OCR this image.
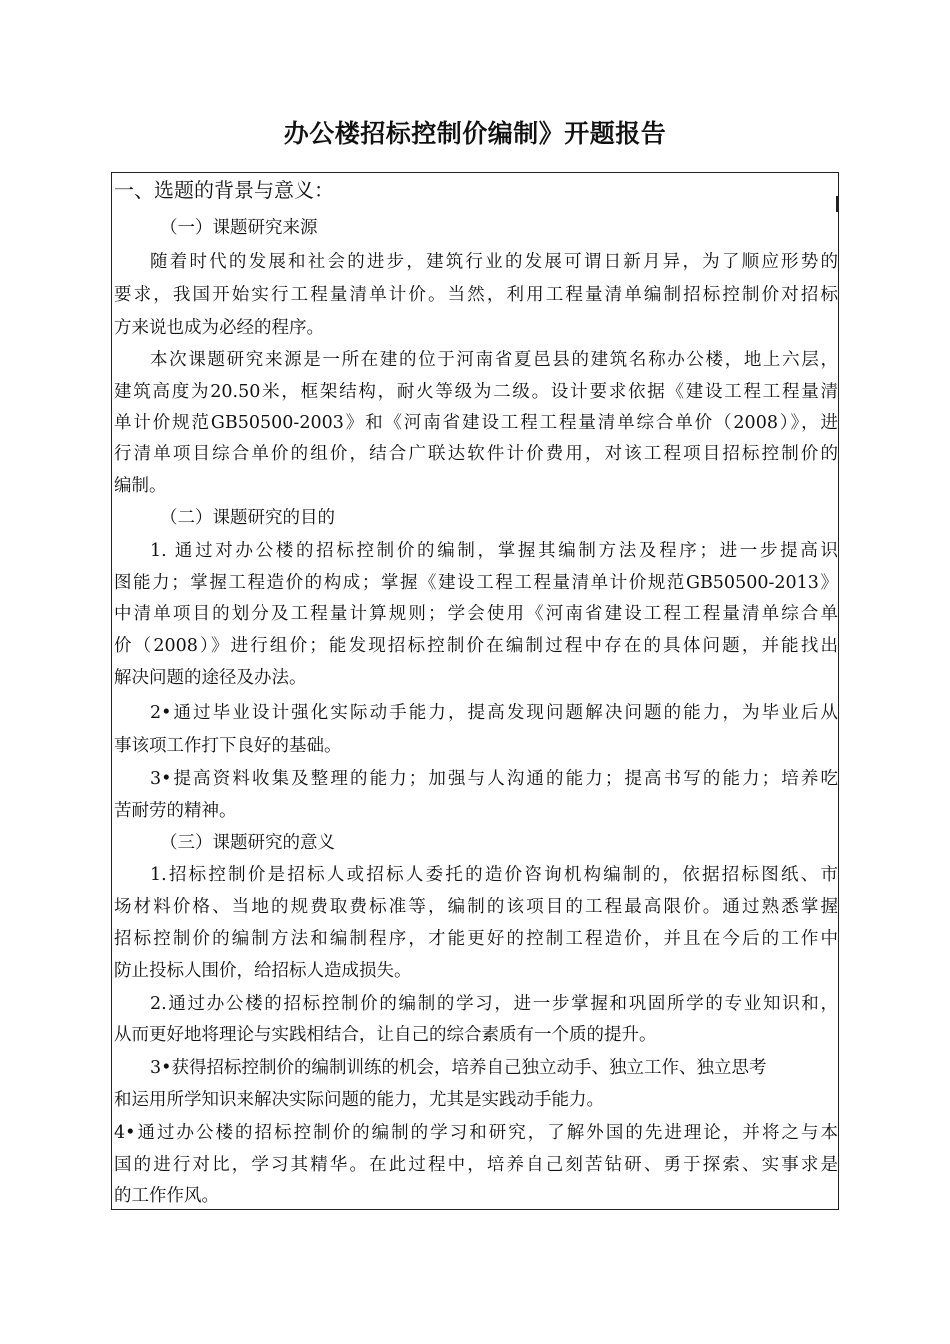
办公楼招标控制价编制》开题报告
一、选题的背景与意义：
（一）课题研究来源
随着时代的发展和社会的进步，建筑行业的发展可谓日新月异，为了顺应形势的
要求，我国开始实行工程量清单计价。当然，利用工程量清单编制招标控制价对招标
方来说也成为必经的程序。
本次课题研究来源是一所在建的位于河南省夏邑县的建筑名称办公楼，地上六层，
建筑高度为20.50米，框架结构，耐火等级为二级。设计要求依据《建设工程工程量清
单计价规范GB50500-2003》和《河南省建设工程工程量清单综合单价（2008）》，进
行清单项目综合单价的组价，结合广联达软件计价费用，对该工程项目招标控制价的
编制。
（二）课题研究的目的
1. 通过对办公楼的招标控制价的编制，掌握其编制方法及程序；进一步提高识
图能力；掌握工程造价的构成；掌握《建设工程工程量清单计价规范GB50500-2013》
中清单项目的划分及工程量计算规则；学会使用《河南省建设工程工程量清单综合单
价（2008）》进行组价；能发现招标控制价在编制过程中存在的具体问题，并能找出
解决问题的途径及办法。
2•通过毕业设计强化实际动手能力，提高发现问题解决问题的能力，为毕业后从
事该项工作打下良好的基础。
3•提高资料收集及整理的能力；加强与人沟通的能力；提高书写的能力；培养吃
苦耐劳的精神。
（三）课题研究的意义
1.招标控制价是招标人或招标人委托的造价咨询机构编制的，依据招标图纸、市
场材料价格、当地的规费取费标准等，编制的该项目的工程最高限价。通过熟悉掌握
招标控制价的编制方法和编制程序，才能更好的控制工程造价，并且在今后的工作中
防止投标人围价，给招标人造成损失。
2.通过办公楼的招标控制价的编制的学习，进一步掌握和巩固所学的专业知识和，
从而更好地将理论与实践相结合，让自己的综合素质有一个质的提升。
3•获得招标控制价的编制训练的机会，培养自己独立动手、独立工作、独立思考
和运用所学知识来解决实际问题的能力，尤其是实践动手能力。
4•通过办公楼的招标控制价的编制的学习和研究，了解外国的先进理论，并将之与本
国的进行对比，学习其精华。在此过程中，培养自己刻苦钻研、勇于探索、实事求是
的工作作风。
